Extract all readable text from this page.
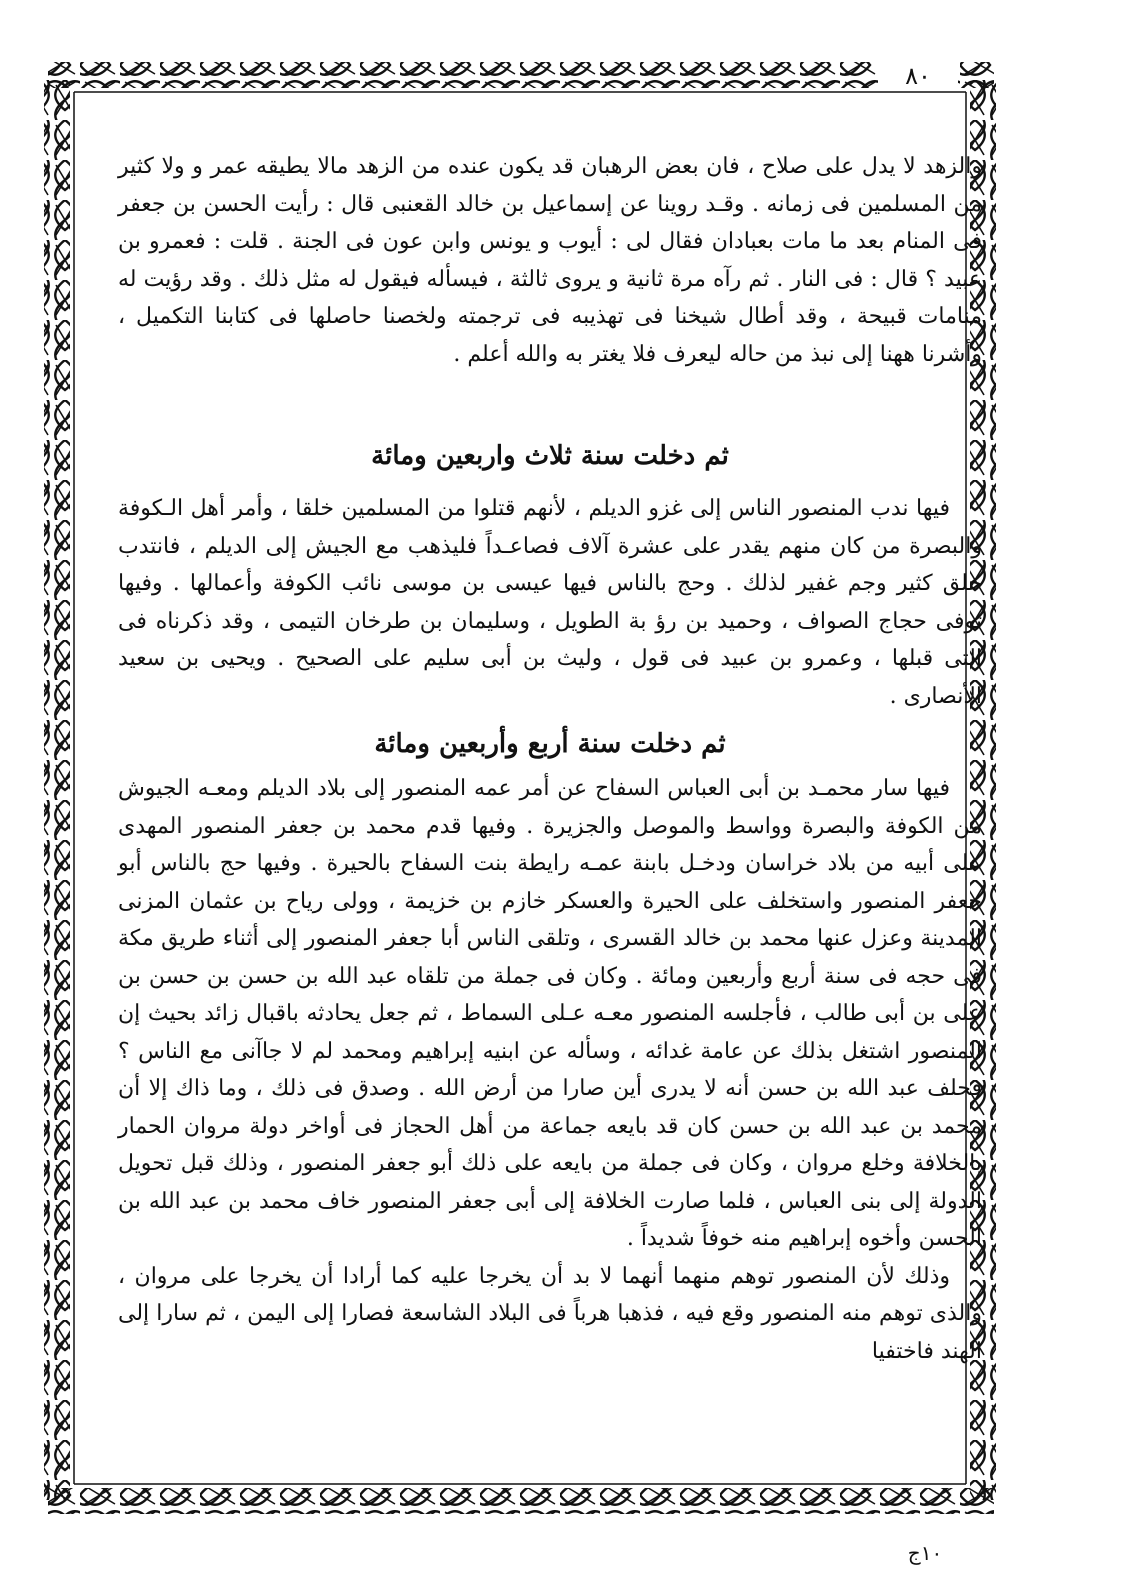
٨٠

والزهد لا يدل على صلاح ، فان بعض الرهبان قد يكون عنده من الزهد مالا يطيقه عمر و ولا كثير من المسلمين فى زمانه . وقـد روينا عن إسماعيل بن خالد القعنبى قال : رأيت الحسن بن جعفر فى المنام بعد ما مات بعبادان فقال لى : أيوب و يونس وابن عون فى الجنة . قلت : فعمرو بن عبيد ؟ قال : فى النار . ثم رآه مرة ثانية و يروى ثالثة ، فيسأله فيقول له مثل ذلك . وقد رؤيت له منامات قبيحة ، وقد أطال شيخنا فى تهذيبه فى ترجمته ولخصنا حاصلها فى كتابنا التكميل ، وأشرنا ههنا إلى نبذ من حاله ليعرف فلا يغتر به والله أعلم .

ثم دخلت سنة ثلاث واربعين ومائة

فيها ندب المنصور الناس إلى غزو الديلم ، لأنهم قتلوا من المسلمين خلقا ، وأمر أهل الـكوفة والبصرة من كان منهم يقدر على عشرة آلاف فصاعـداً فليذهب مع الجيش إلى الديلم ، فانتدب خلق كثير وجم غفير لذلك . وحج بالناس فيها عيسى بن موسى نائب الكوفة وأعمالها . وفيها توفى حجاج الصواف ، وحميد بن رؤ بة الطويل ، وسليمان بن طرخان التيمى ، وقد ذكرناه فى التى قبلها ، وعمرو بن عبيد فى قول ، وليث بن أبى سليم على الصحيح . ويحيى بن سعيد الأنصارى .

ثم دخلت سنة أربع وأربعين ومائة

فيها سار محمـد بن أبى العباس السفاح عن أمر عمه المنصور إلى بلاد الديلم ومعـه الجيوش من الكوفة والبصرة وواسط والموصل والجزيرة . وفيها قدم محمد بن جعفر المنصور المهدى على أبيه من بلاد خراسان ودخـل بابنة عمـه رايطة بنت السفاح بالحيرة . وفيها حج بالناس أبو جعفر المنصور واستخلف على الحيرة والعسكر خازم بن خزيمة ، وولى رياح بن عثمان المزنى المدينة وعزل عنها محمد بن خالد القسرى ، وتلقى الناس أبا جعفر المنصور إلى أثناء طريق مكة فى حجه فى سنة أربع وأربعين ومائة . وكان فى جملة من تلقاه عبد الله بن حسن بن حسن بن على بن أبى طالب ، فأجلسه المنصور معـه عـلى السماط ، ثم جعل يحادثه باقبال زائد بحيث إن المنصور اشتغل بذلك عن عامة غدائه ، وسأله عن ابنيه إبراهيم ومحمد لم لا جاآنى مع الناس ؟ فحلف عبد الله بن حسن أنه لا يدرى أين صارا من أرض الله . وصدق فى ذلك ، وما ذاك إلا أن محمد بن عبد الله بن حسن كان قد بايعه جماعة من أهل الحجاز فى أواخر دولة مروان الحمار بالخلافة وخلع مروان ، وكان فى جملة من بايعه على ذلك أبو جعفر المنصور ، وذلك قبل تحويل الدولة إلى بنى العباس ، فلما صارت الخلافة إلى أبى جعفر المنصور خاف محمد بن عبد الله بن الحسن وأخوه إبراهيم منه خوفاً شديداً .

وذلك لأن المنصور توهم منهما أنهما لا بد أن يخرجا عليه كما أرادا أن يخرجا على مروان ، والذى توهم منه المنصور وقع فيه ، فذهبا هرباً فى البلاد الشاسعة فصارا إلى اليمن ، ثم سارا إلى الهند فاختفيا

١٠ج
